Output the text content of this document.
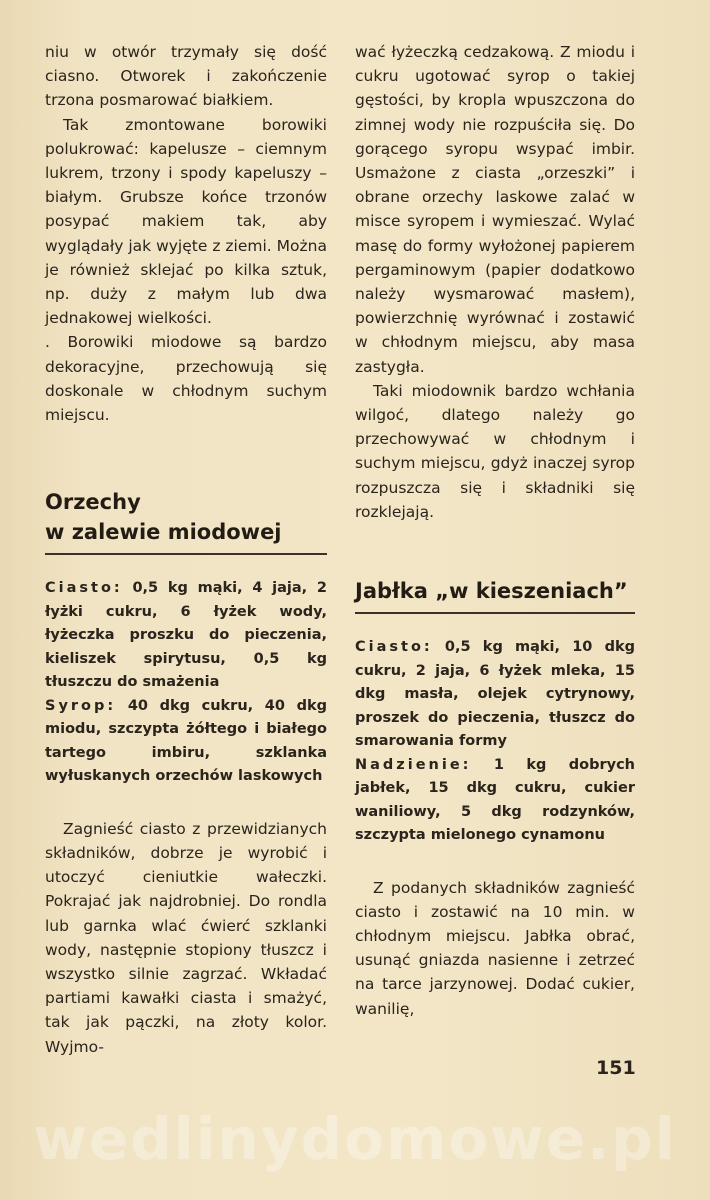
niu w otwór trzymały się dość ciasno. Otworek i zakończenie trzona posmarować białkiem.

Tak zmontowane borowiki polukrować: kapelusze – ciemnym lukrem, trzony i spody kapeluszy – białym. Grubsze końce trzonów posypać makiem tak, aby wyglądały jak wyjęte z ziemi. Można je również sklejać po kilka sztuk, np. duży z małym lub dwa jednakowej wielkości.

. Borowiki miodowe są bardzo dekoracyjne, przechowują się doskonale w chłodnym suchym miejscu.

Orzechy
w zalewie miodowej
Ciasto: 0,5 kg mąki, 4 jaja, 2 łyżki cukru, 6 łyżek wody, łyżeczka proszku do pieczenia, kieliszek spirytusu, 0,5 kg tłuszczu do smażenia
Syrop: 40 dkg cukru, 40 dkg miodu, szczypta żółtego i białego tartego imbiru, szklanka wyłuskanych orzechów laskowych

Zagnieść ciasto z przewidzianych składników, dobrze je wyrobić i utoczyć cieniutkie wałeczki. Pokrajać jak najdrobniej. Do rondla lub garnka wlać ćwierć szklanki wody, następnie stopiony tłuszcz i wszystko silnie zagrzać. Wkładać partiami kawałki ciasta i smażyć, tak jak pączki, na złoty kolor. Wyjmo-

wać łyżeczką cedzakową. Z miodu i cukru ugotować syrop o takiej gęstości, by kropla wpuszczona do zimnej wody nie rozpuściła się. Do gorącego syropu wsypać imbir. Usmażone z ciasta „orzeszki” i obrane orzechy laskowe zalać w misce syropem i wymieszać. Wylać masę do formy wyłożonej papierem pergaminowym (papier dodatkowo należy wysmarować masłem), powierzchnię wyrównać i zostawić w chłodnym miejscu, aby masa zastygła.

Taki miodownik bardzo wchłania wilgoć, dlatego należy go przechowywać w chłodnym i suchym miejscu, gdyż inaczej syrop rozpuszcza się i składniki się rozklejają.

Jabłka „w kieszeniach”
Ciasto: 0,5 kg mąki, 10 dkg cukru, 2 jaja, 6 łyżek mleka, 15 dkg masła, olejek cytrynowy, proszek do pieczenia, tłuszcz do smarowania formy
Nadzienie: 1 kg dobrych jabłek, 15 dkg cukru, cukier waniliowy, 5 dkg rodzynków, szczypta mielonego cynamonu

Z podanych składników zagnieść ciasto i zostawić na 10 min. w chłodnym miejscu. Jabłka obrać, usunąć gniazda nasienne i zetrzeć na tarce jarzynowej. Dodać cukier, wanilię,

151
wedlinydomowe.pl
